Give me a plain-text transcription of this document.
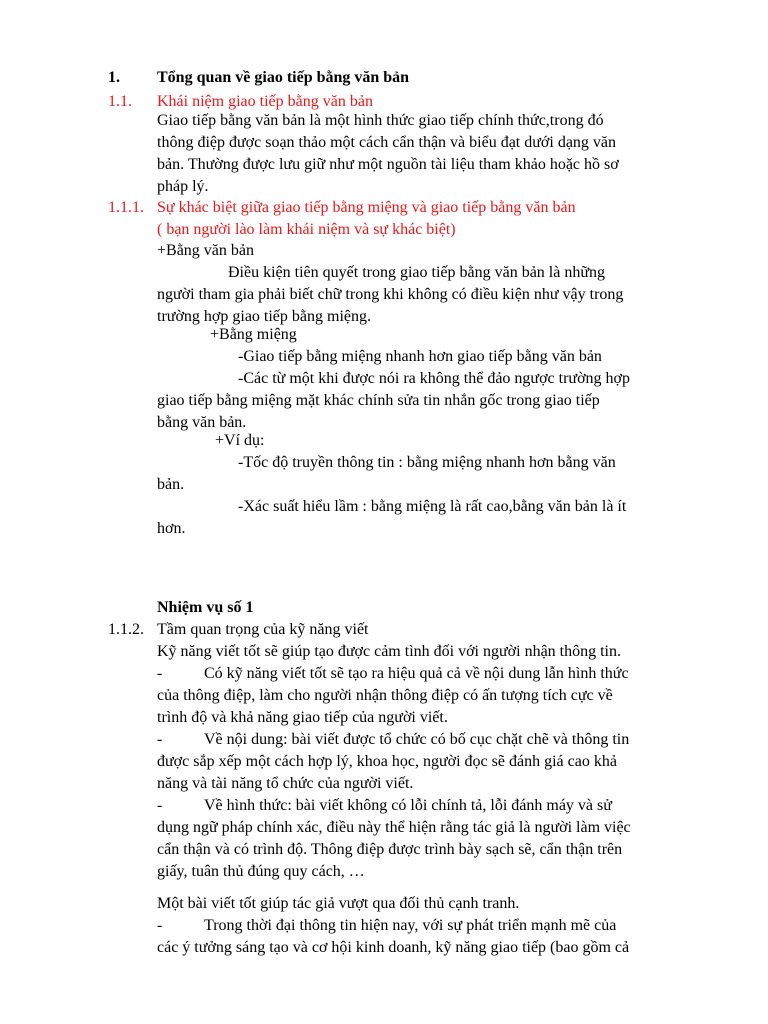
1. Tổng quan về giao tiếp bằng văn bản
1.1. Khái niệm giao tiếp bằng văn bản
Giao tiếp bằng văn bản là một hình thức giao tiếp chính thức,trong đó
thông điệp được soạn thảo một cách cẩn thận và biểu đạt dưới dạng văn
bản. Thường được lưu giữ như một nguồn tài liệu tham khảo hoặc hồ sơ
pháp lý.
1.1.1. Sự khác biệt giữa giao tiếp bằng miệng và giao tiếp bằng văn bản
( bạn người lào làm khái niệm và sự khác biệt)
+Bằng văn bản
Điều kiện tiên quyết trong giao tiếp bằng văn bản là những
người tham gia phải biết chữ trong khi không có điều kiện như vậy trong
trường hợp giao tiếp bằng miệng.
+Bằng miệng
-Giao tiếp bằng miệng nhanh hơn giao tiếp bằng văn bản
-Các từ một khi được nói ra không thể đảo ngược trường hợp
giao tiếp bằng miệng mặt khác chính sửa tin nhắn gốc trong giao tiếp
bằng văn bản.
+Ví dụ:
-Tốc độ truyền thông tin : bằng miệng nhanh hơn bằng văn
bản.
-Xác suất hiểu lầm : bằng miệng là rất cao,bằng văn bản là ít
hơn.
Nhiệm vụ số 1
1.1.2. Tầm quan trọng của kỹ năng viết
Kỹ năng viết tốt sẽ giúp tạo được cảm tình đối với người nhận thông tin.
-	Có kỹ năng viết tốt sẽ tạo ra hiệu quả cả về nội dung lẫn hình thức
của thông điệp, làm cho người nhận thông điệp có ấn tượng tích cực về
trình độ và khả năng giao tiếp của người viết.
-	Về nội dung: bài viết được tổ chức có bố cục chặt chẽ và thông tin
được sắp xếp một cách hợp lý, khoa học, người đọc sẽ đánh giá cao khả
năng và tài năng tổ chức của người viết.
-	Về hình thức: bài viết không có lỗi chính tả, lỗi đánh máy và sử
dụng ngữ pháp chính xác, điều này thể hiện rằng tác giả là người làm việc
cẩn thận và có trình độ. Thông điệp được trình bày sạch sẽ, cẩn thận trên
giấy, tuân thủ đúng quy cách, …
Một bài viết tốt giúp tác giả vượt qua đối thủ cạnh tranh.
-	Trong thời đại thông tin hiện nay, với sự phát triển mạnh mẽ của
các ý tưởng sáng tạo và cơ hội kinh doanh, kỹ năng giao tiếp (bao gồm cả
